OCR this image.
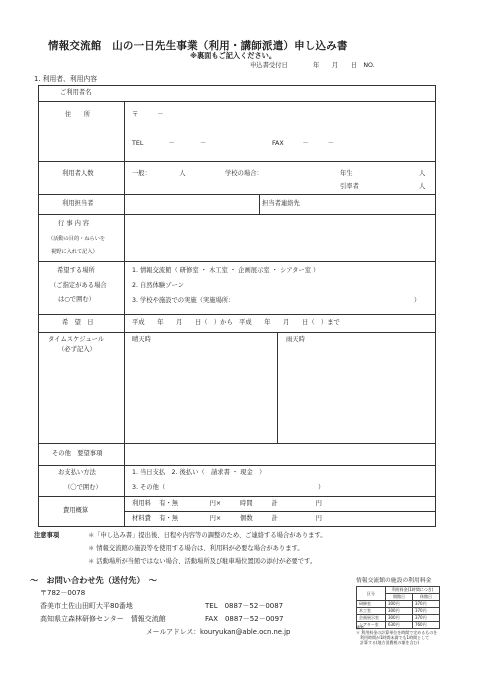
情報交流館　山の一日先生事業（利用・講師派遣）申し込み書
※裏面もご記入ください。
申込書受付日　　　　年　　月　　日　NO.
1. 利用者、利用内容
ご利用者名
住　　所	〒　　　－
TEL　　　　－　　　　－	FAX　　　－　　　－
利用者人数	一般：　　　　　人	学校の場合：	年生	人
引率者	人
利用担当者	担当者連絡先
行 事 内 容
（活動の目的・ねらいを
視野に入れて記入）
希望する場所
（ご指定がある場合
は○で囲む）
1. 情報交流館（ 研修室 ・ 木工室 ・ 企画展示室 ・ シアター室 ）
2. 自然体験ゾーン
3. 学校や施設での実施（実施場所：	）
希　望　日	平成　　年　　月　　日（　）から　平成　　年　　月　　日（　）まで
タイムスケジュール
（必ず記入）
晴天時	雨天時
その他　要望事項
お支払い方法
（〇で囲む）
1. 当日支払　2. 後払い（　請求書 ・ 現金　）
3. その他（	）
費用概算
利用料　 有・無　　　　　円×　　　時間　　　計　　　　　　円
材料費　 有・無　　　　　円×　　　個数　　　計　　　　　　円
注意事項	＊「申し込み書」提出後、日程や内容等の調整のため、ご連絡する場合があります。
＊ 情報交流館の施設等を使用する場合は、利用料が必要な場合があります。
＊ 活動場所が当館ではない場合、活動場所及び駐車場位置図の添付が必要です。
～　お問い合わせ先（送付先）　～
〒782－0078
香美市土佐山田町大平80番地	TEL　0887－52－0087
高知県立森林研修センター　情報交流館	FAX　0887－52－0097
メールアドレス：kouryukan@able.ocn.ne.jp
情報交流館の施設の利用料金
区分	利用料金(1時間につき)	
	開館日	休館日
研修室	300円	370円
木工室	300円	370円
企画展示室	300円	370円
シアター室	630円	760円
備考
＊ 利用料金の計算単位を時間で定めるものを
利用時間が1時間未満でも1時間として
計算する(地方消費税の額を含む)
